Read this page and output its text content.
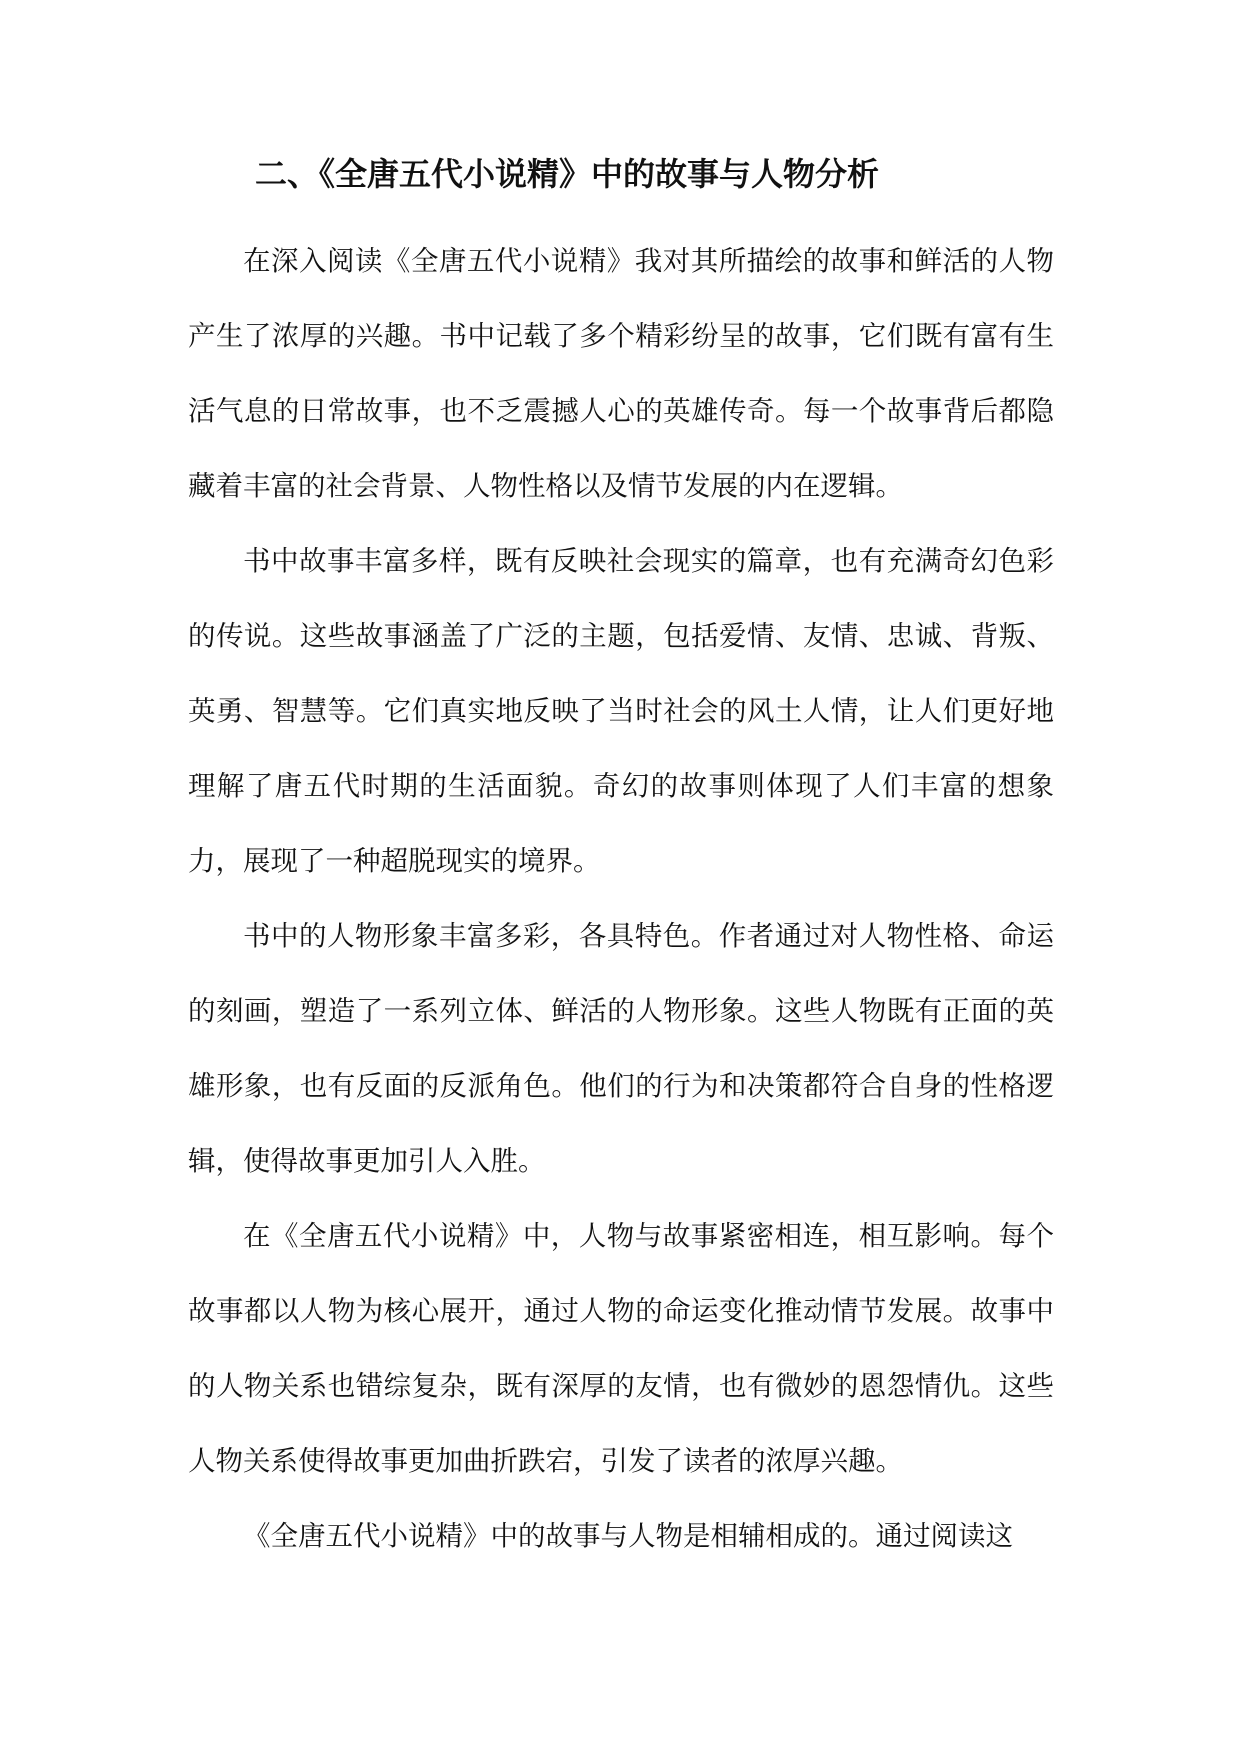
二、《全唐五代小说精》中的故事与人物分析

在深入阅读《全唐五代小说精》我对其所描绘的故事和鲜活的人物产生了浓厚的兴趣。书中记载了多个精彩纷呈的故事，它们既有富有生活气息的日常故事，也不乏震撼人心的英雄传奇。每一个故事背后都隐藏着丰富的社会背景、人物性格以及情节发展的内在逻辑。

书中故事丰富多样，既有反映社会现实的篇章，也有充满奇幻色彩的传说。这些故事涵盖了广泛的主题，包括爱情、友情、忠诚、背叛、英勇、智慧等。它们真实地反映了当时社会的风土人情，让人们更好地理解了唐五代时期的生活面貌。奇幻的故事则体现了人们丰富的想象力，展现了一种超脱现实的境界。

书中的人物形象丰富多彩，各具特色。作者通过对人物性格、命运的刻画，塑造了一系列立体、鲜活的人物形象。这些人物既有正面的英雄形象，也有反面的反派角色。他们的行为和决策都符合自身的性格逻辑，使得故事更加引人入胜。

在《全唐五代小说精》中，人物与故事紧密相连，相互影响。每个故事都以人物为核心展开，通过人物的命运变化推动情节发展。故事中的人物关系也错综复杂，既有深厚的友情，也有微妙的恩怨情仇。这些人物关系使得故事更加曲折跌宕，引发了读者的浓厚兴趣。

《全唐五代小说精》中的故事与人物是相辅相成的。通过阅读这
